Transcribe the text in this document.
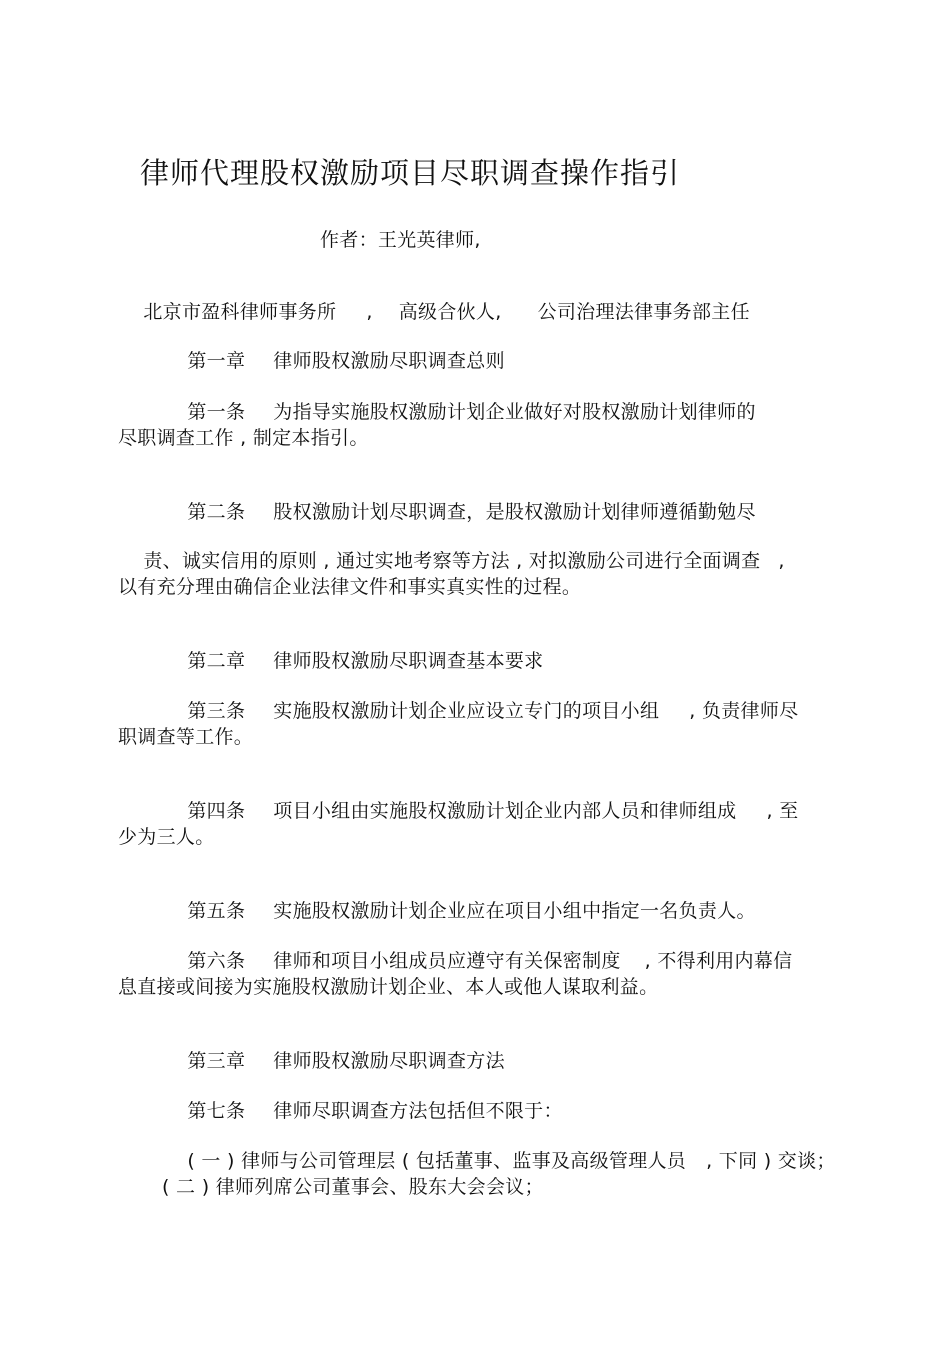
律师代理股权激励项目尽职调查操作指引
作者：王光英律师,

北京市盈科律师事务所 , 高级合伙人, 公司治理法律事务部主任

第一章 律师股权激励尽职调查总则

第一条 为指导实施股权激励计划企业做好对股权激励计划律师的

尽职调查工作 , 制定本指引。

第二条 股权激励计划尽职调查，是股权激励计划律师遵循勤勉尽

责、诚实信用的原则 , 通过实地考察等方法 , 对拟激励公司进行全面调查 ,

以有充分理由确信企业法律文件和事实真实性的过程。

第二章 律师股权激励尽职调查基本要求

第三条 实施股权激励计划企业应设立专门的项目小组 , 负责律师尽

职调查等工作。

第四条 项目小组由实施股权激励计划企业内部人员和律师组成 , 至

少为三人。

第五条 实施股权激励计划企业应在项目小组中指定一名负责人。

第六条 律师和项目小组成员应遵守有关保密制度 , 不得利用内幕信

息直接或间接为实施股权激励计划企业、本人或他人谋取利益。

第三章 律师股权激励尽职调查方法

第七条 律师尽职调查方法包括但不限于：

( 一 ) 律师与公司管理层 ( 包括董事、监事及高级管理人员 , 下同 ) 交谈；

( 二 ) 律师列席公司董事会、股东大会会议；
